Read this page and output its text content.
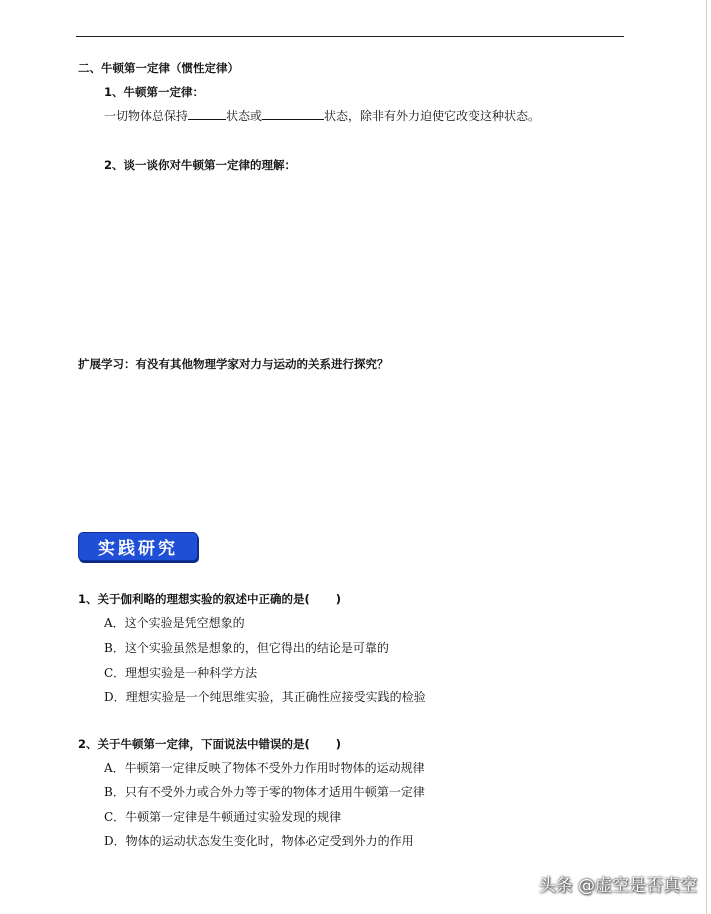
二、牛顿第一定律（惯性定律）
1、牛顿第一定律：
一切物体总保持	状态或	状态，除非有外力迫使它改变这种状态。
2、谈一谈你对牛顿第一定律的理解：
扩展学习：有没有其他物理学家对力与运动的关系进行探究？
实践研究
1、关于伽利略的理想实验的叙述中正确的是( )
A．这个实验是凭空想象的
B．这个实验虽然是想象的，但它得出的结论是可靠的
C．理想实验是一种科学方法
D．理想实验是一个纯思维实验，其正确性应接受实践的检验
2、关于牛顿第一定律，下面说法中错误的是( )
A．牛顿第一定律反映了物体不受外力作用时物体的运动规律
B．只有不受外力或合外力等于零的物体才适用牛顿第一定律
C．牛顿第一定律是牛顿通过实验发现的规律
D．物体的运动状态发生变化时，物体必定受到外力的作用
头条 @虚空是否真空
